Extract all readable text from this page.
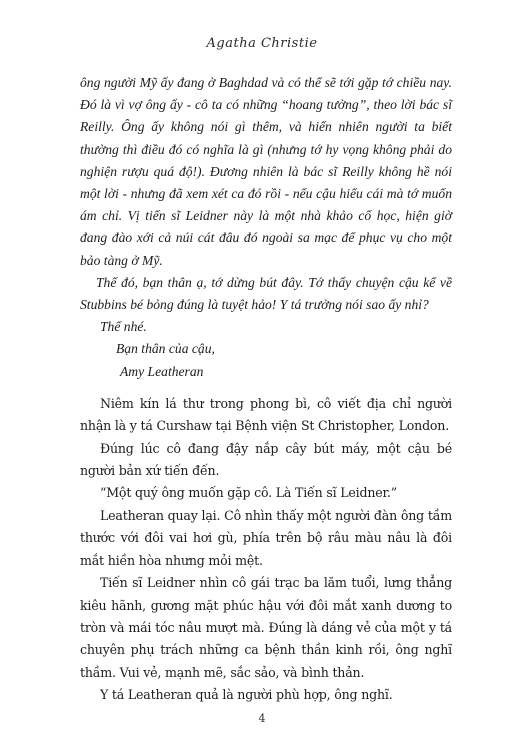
Agatha Christie

ông người Mỹ ấy đang ở Baghdad và có thể sẽ tới gặp tớ chiều nay. Đó là vì vợ ông ấy - cô ta có những “hoang tưởng”, theo lời bác sĩ Reilly. Ông ấy không nói gì thêm, và hiển nhiên người ta biết thường thì điều đó có nghĩa là gì (nhưng tớ hy vọng không phải do nghiện rượu quá độ!). Đương nhiên là bác sĩ Reilly không hề nói một lời - nhưng đã xem xét ca đó rồi - nếu cậu hiểu cái mà tớ muốn ám chỉ. Vị tiến sĩ Leidner này là một nhà khảo cổ học, hiện giờ đang đào xới cả núi cát đâu đó ngoài sa mạc để phục vụ cho một bảo tàng ở Mỹ.

Thế đó, bạn thân ạ, tớ dừng bút đây. Tớ thấy chuyện cậu kể về Stubbins bé bỏng đúng là tuyệt hảo! Y tá trưởng nói sao ấy nhỉ?

Thế nhé.

Bạn thân của cậu,

Amy Leatheran

Niêm kín lá thư trong phong bì, cô viết địa chỉ người nhận là y tá Curshaw tại Bệnh viện St Christopher, London.

Đúng lúc cô đang đậy nắp cây bút máy, một cậu bé người bản xứ tiến đến.

“Một quý ông muốn gặp cô. Là Tiến sĩ Leidner.”

Leatheran quay lại. Cô nhìn thấy một người đàn ông tầm thước với đôi vai hơi gù, phía trên bộ râu màu nâu là đôi mắt hiền hòa nhưng mỏi mệt.

Tiến sĩ Leidner nhìn cô gái trạc ba lăm tuổi, lưng thẳng kiêu hãnh, gương mặt phúc hậu với đôi mắt xanh dương to tròn và mái tóc nâu mượt mà. Đúng là dáng vẻ của một y tá chuyên phụ trách những ca bệnh thần kinh rồi, ông nghĩ thầm. Vui vẻ, mạnh mẽ, sắc sảo, và bình thản.

Y tá Leatheran quả là người phù hợp, ông nghĩ.

4
